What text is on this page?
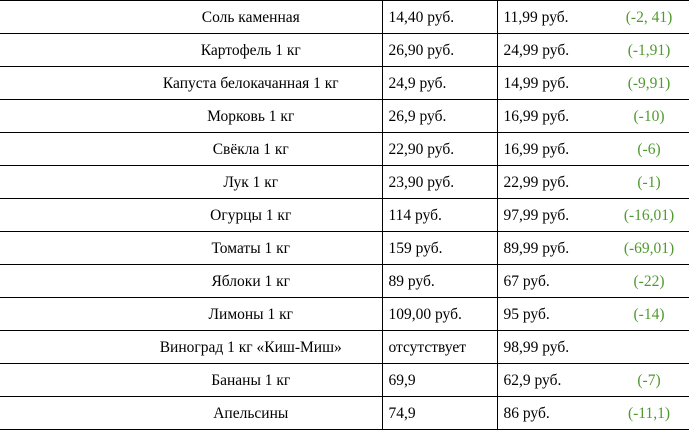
	Соль каменная	14,40 руб.	11,99 руб.	(-2, 41)
	Картофель 1 кг	26,90 руб.	24,99 руб.	(-1,91)
	Капуста белокачанная 1 кг	24,9 руб.	14,99 руб.	(-9,91)
	Морковь 1 кг	26,9 руб.	16,99 руб.	(-10)
	Свёкла 1 кг	22,90 руб.	16,99 руб.	(-6)
	Лук 1 кг	23,90 руб.	22,99 руб.	(-1)
	Огурцы 1 кг	114 руб.	97,99 руб.	(-16,01)
	Томаты 1 кг	159 руб.	89,99 руб.	(-69,01)
	Яблоки 1 кг	89 руб.	67 руб.	(-22)
	Лимоны 1 кг	109,00 руб.	95 руб.	(-14)
	Виноград 1 кг «Киш-Миш»	отсутствует	98,99 руб.	
	Бананы 1 кг	69,9	62,9 руб.	(-7)
	Апельсины	74,9	86 руб.	(-11,1)
